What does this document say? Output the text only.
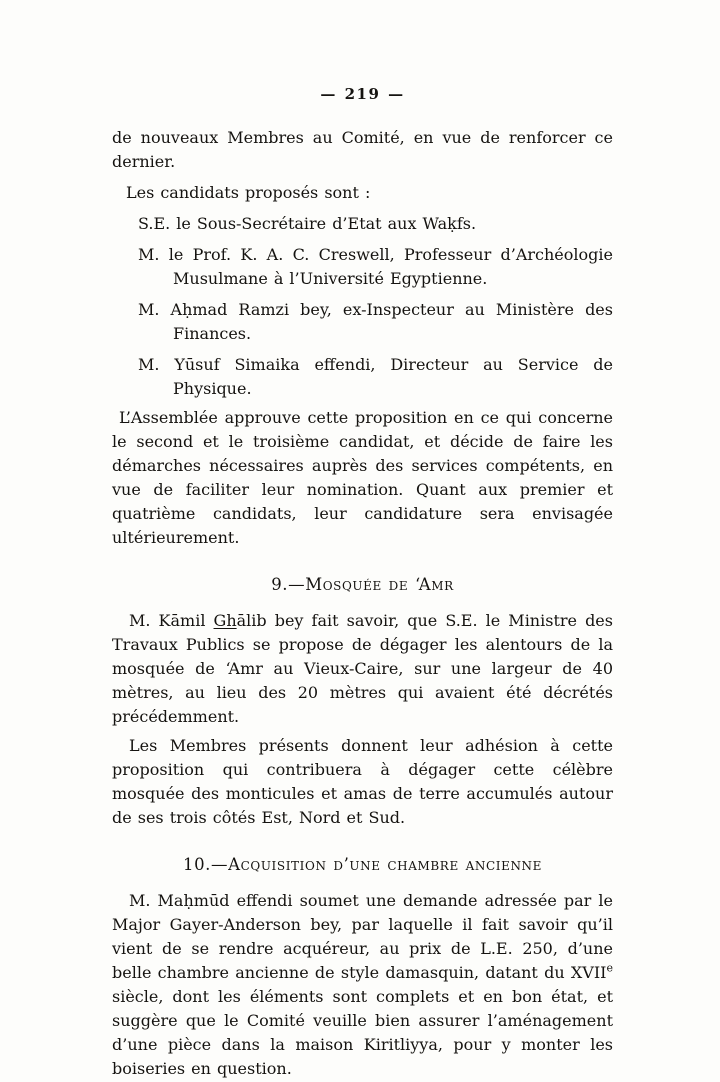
— 219 —

de nouveaux Membres au Comité, en vue de renforcer ce dernier.

Les candidats proposés sont :

S.E. le Sous-Secrétaire d’Etat aux Waḳfs.

M. le Prof. K. A. C. Creswell, Professeur d’Archéologie Musulmane à l’Université Egyptienne.

M. Aḥmad Ramzi bey, ex-Inspecteur au Ministère des Finances.

M. Yūsuf Simaika effendi, Directeur au Service de Physique.

L’Assemblée approuve cette proposition en ce qui concerne le second et le troisième candidat, et décide de faire les démarches nécessaires auprès des services compétents, en vue de faciliter leur nomination. Quant aux premier et quatrième candidats, leur candidature sera envisagée ultérieurement.

9.—Mosquée de ‘Amr

M. Kāmil Ghālib bey fait savoir, que S.E. le Ministre des Travaux Publics se propose de dégager les alentours de la mosquée de ‘Amr au Vieux-Caire, sur une largeur de 40 mètres, au lieu des 20 mètres qui avaient été décrétés précédemment.

Les Membres présents donnent leur adhésion à cette proposition qui contribuera à dégager cette célèbre mosquée des monticules et amas de terre accumulés autour de ses trois côtés Est, Nord et Sud.

10.—Acquisition d’une chambre ancienne

M. Maḥmūd effendi soumet une demande adressée par le Major Gayer-Anderson bey, par laquelle il fait savoir qu’il vient de se rendre acquéreur, au prix de L.E. 250, d’une belle chambre ancienne de style damasquin, datant du XVIIe siècle, dont les éléments sont complets et en bon état, et suggère que le Comité veuille bien assurer l’aménagement d’une pièce dans la maison Kiritliyya, pour y monter les boiseries en question.
